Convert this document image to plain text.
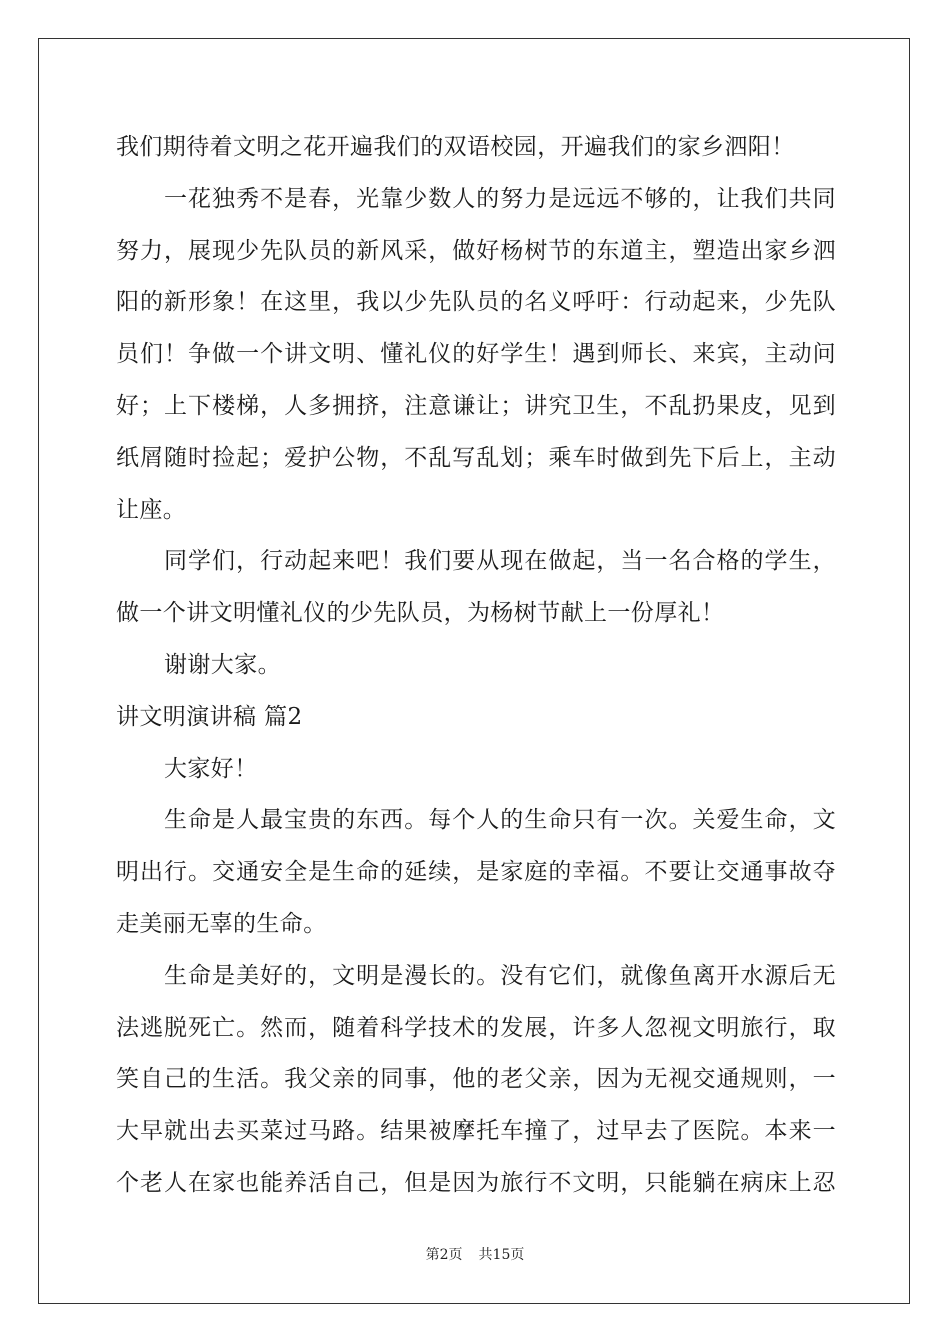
我们期待着文明之花开遍我们的双语校园，开遍我们的家乡泗阳！
一花独秀不是春，光靠少数人的努力是远远不够的，让我们共同
努力，展现少先队员的新风采，做好杨树节的东道主，塑造出家乡泗
阳的新形象！在这里，我以少先队员的名义呼吁：行动起来，少先队
员们！争做一个讲文明、懂礼仪的好学生！遇到师长、来宾，主动问
好；上下楼梯，人多拥挤，注意谦让；讲究卫生，不乱扔果皮，见到
纸屑随时捡起；爱护公物，不乱写乱划；乘车时做到先下后上，主动
让座。
同学们，行动起来吧！我们要从现在做起，当一名合格的学生，
做一个讲文明懂礼仪的少先队员，为杨树节献上一份厚礼！
谢谢大家。
讲文明演讲稿 篇2
大家好！
生命是人最宝贵的东西。每个人的生命只有一次。关爱生命，文
明出行。交通安全是生命的延续，是家庭的幸福。不要让交通事故夺
走美丽无辜的生命。
生命是美好的，文明是漫长的。没有它们，就像鱼离开水源后无
法逃脱死亡。然而，随着科学技术的发展，许多人忽视文明旅行，取
笑自己的生活。我父亲的同事，他的老父亲，因为无视交通规则，一
大早就出去买菜过马路。结果被摩托车撞了，过早去了医院。本来一
个老人在家也能养活自己，但是因为旅行不文明，只能躺在病床上忍
第2页 共15页
